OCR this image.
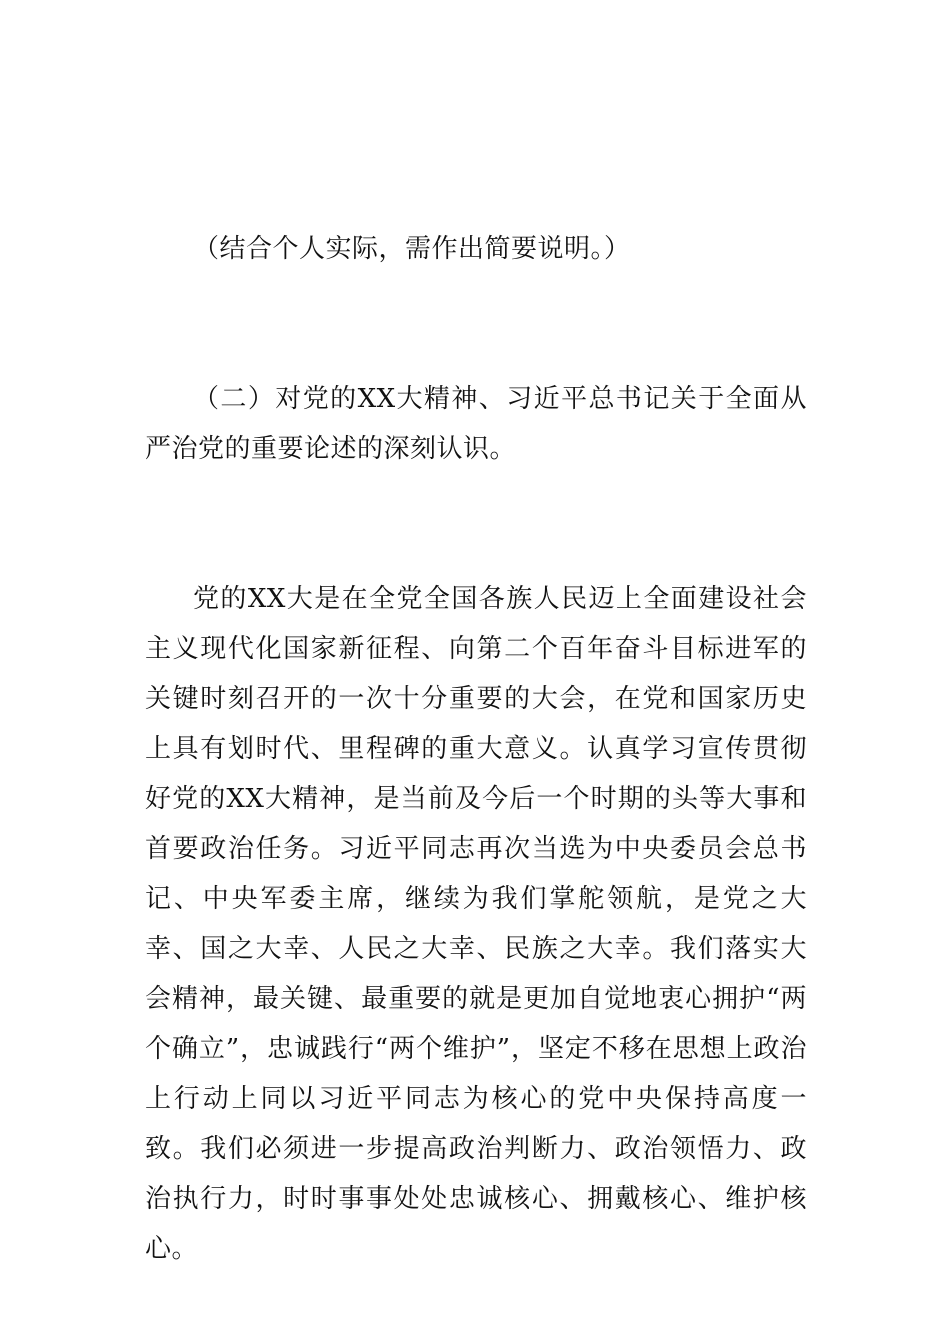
（结合个人实际，需作出简要说明。）

（二）对党的XX大精神、习近平总书记关于全面从严治党的重要论述的深刻认识。

党的XX大是在全党全国各族人民迈上全面建设社会主义现代化国家新征程、向第二个百年奋斗目标进军的关键时刻召开的一次十分重要的大会，在党和国家历史上具有划时代、里程碑的重大意义。认真学习宣传贯彻好党的XX大精神，是当前及今后一个时期的头等大事和首要政治任务。习近平同志再次当选为中央委员会总书记、中央军委主席，继续为我们掌舵领航，是党之大幸、国之大幸、人民之大幸、民族之大幸。我们落实大会精神，最关键、最重要的就是更加自觉地衷心拥护“两个确立”，忠诚践行“两个维护”，坚定不移在思想上政治上行动上同以习近平同志为核心的党中央保持高度一致。我们必须进一步提高政治判断力、政治领悟力、政治执行力，时时事事处处忠诚核心、拥戴核心、维护核心。
